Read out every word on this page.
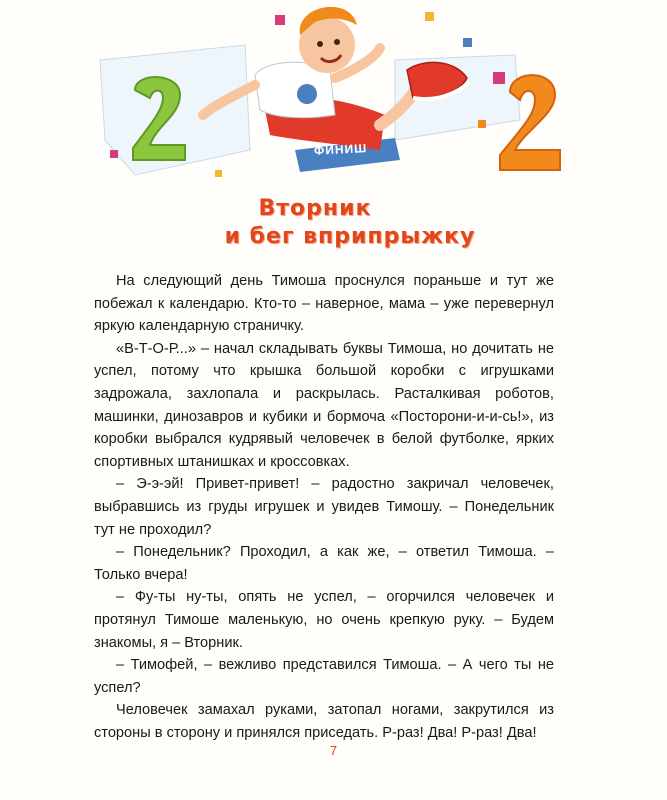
ФИНИШ
Вторник
и бег вприпрыжку

На следующий день Тимоша проснулся пораньше и тут же побежал к календарю. Кто-то – наверное, мама – уже перевернул яркую календарную страничку.

«В-Т-О-Р...» – начал складывать буквы Тимоша, но дочитать не успел, потому что крышка большой коробки с игрушками задрожала, захлопала и раскрылась. Расталкивая роботов, машинки, динозавров и кубики и бормоча «Посторони-и-и-сь!», из коробки выбрался кудрявый человечек в белой футболке, ярких спортивных штанишках и кроссовках.

– Э-э-эй! Привет-привет! – радостно закричал человечек, выбравшись из груды игрушек и увидев Тимошу. – Понедельник тут не проходил?

– Понедельник? Проходил, а как же, – ответил Тимоша. – Только вчера!

– Фу-ты ну-ты, опять не успел, – огорчился человечек и протянул Тимоше маленькую, но очень крепкую руку. – Будем знакомы, я – Вторник.

– Тимофей, – вежливо представился Тимоша. – А чего ты не успел?

Человечек замахал руками, затопал ногами, закрутился из стороны в сторону и принялся приседать. Р-раз! Два! Р-раз! Два!

7
